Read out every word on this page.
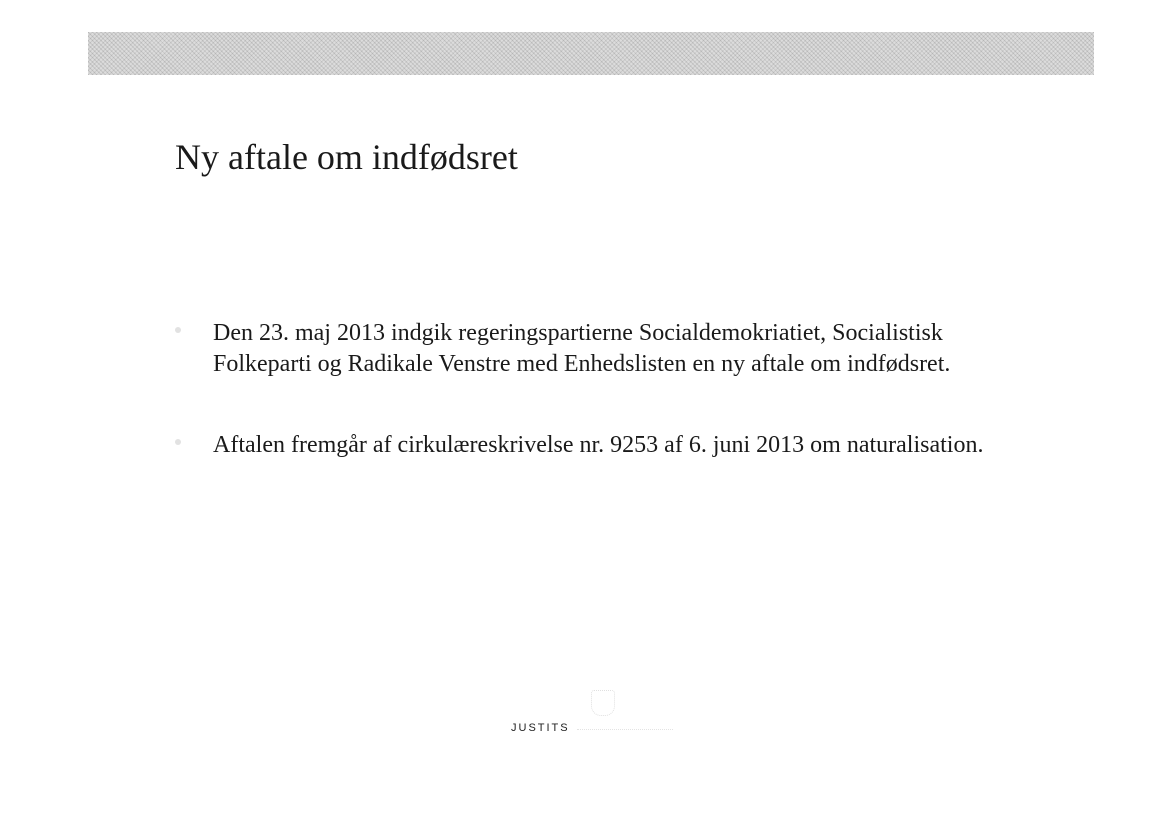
Ny aftale om indfødsret
Den 23. maj 2013 indgik regeringspartierne Socialdemokriatiet, Socialistisk Folkeparti og Radikale Venstre med Enhedslisten en ny aftale om indfødsret.
Aftalen fremgår af cirkulæreskrivelse nr. 9253 af 6. juni 2013 om naturalisation.
JUSTITS
